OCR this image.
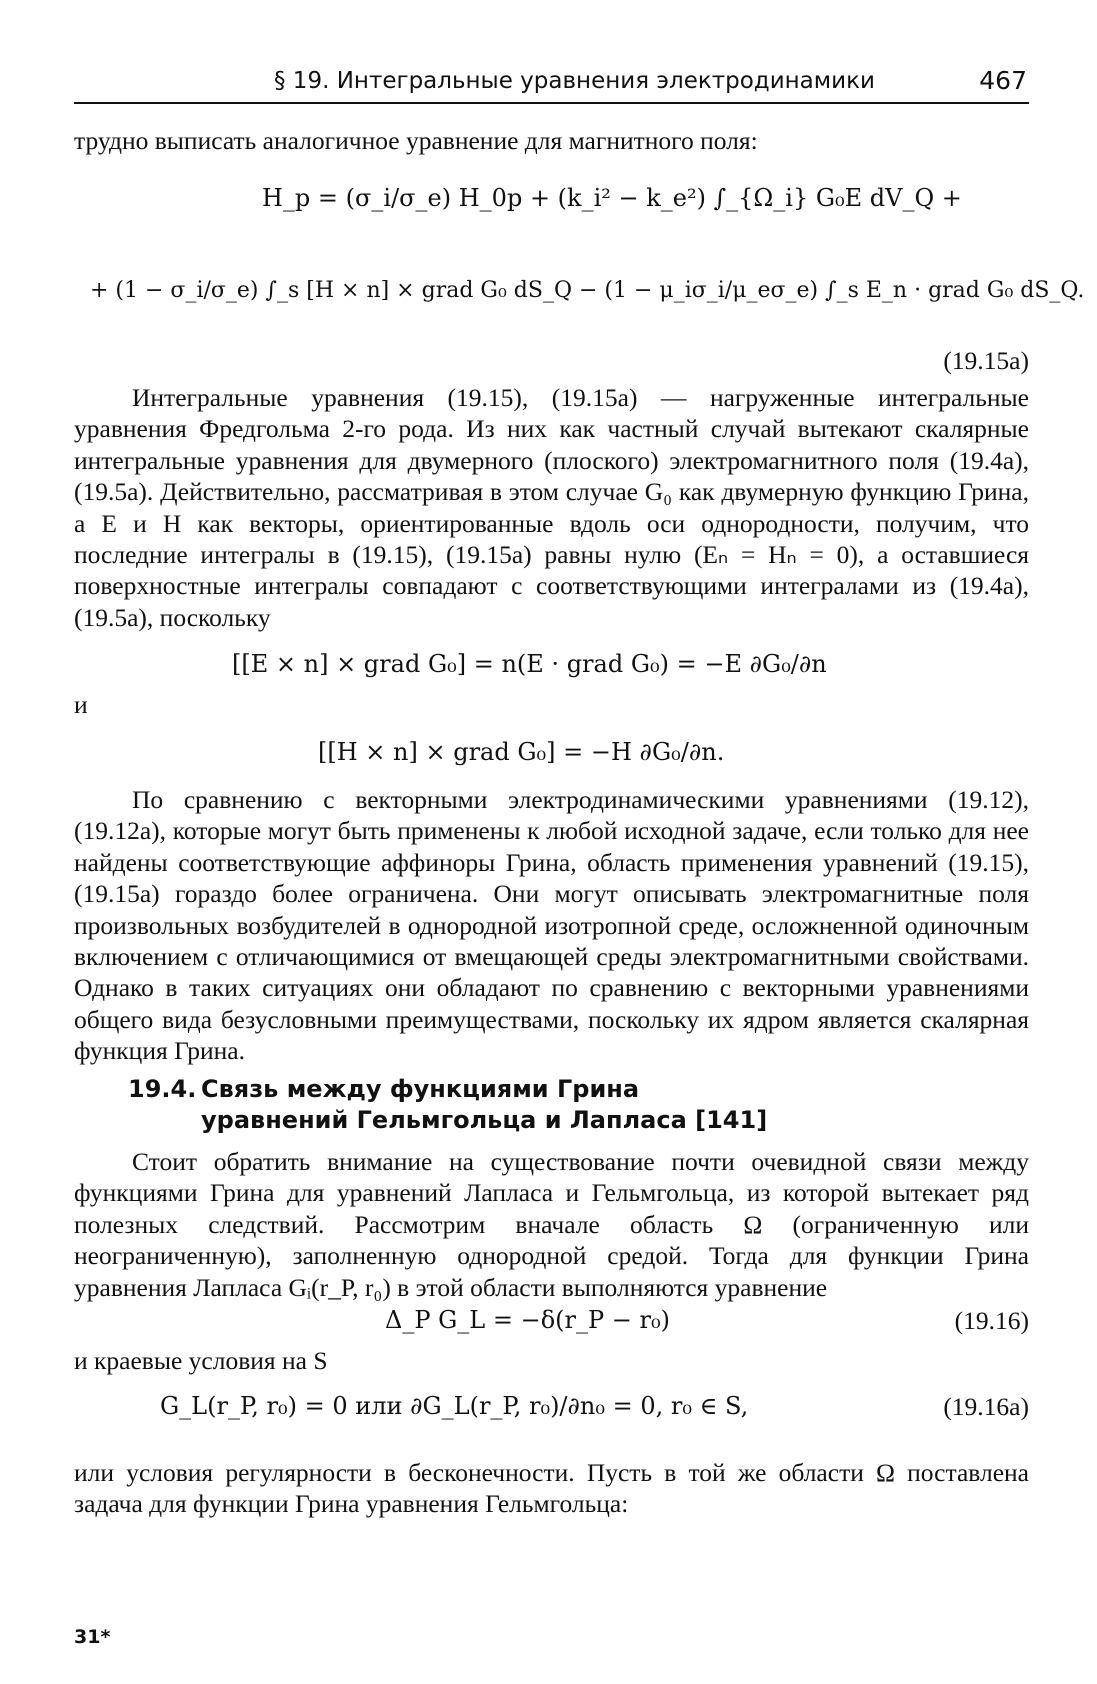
§ 19. Интегральные уравнения электродинамики	467
трудно выписать аналогичное уравнение для магнитного поля:
H_p = (σ_i/σ_e) H_0p + (k_i² − k_e²) ∫_{Ω_i} G₀E dV_Q +
+ (1 − σ_i/σ_e) ∫_s [H × n] × grad G₀ dS_Q − (1 − μ_iσ_i/μ_eσ_e) ∫_s E_n · grad G₀ dS_Q.
(19.15а)
Интегральные уравнения (19.15), (19.15а) — нагруженные интегральные уравнения Фредгольма 2-го рода. Из них как частный случай вытекают скалярные интегральные уравнения для двумерного (плоского) электромагнитного поля (19.4а), (19.5а). Действительно, рассматривая в этом случае G₀ как двумерную функцию Грина, а E и H как векторы, ориентированные вдоль оси однородности, получим, что последние интегралы в (19.15), (19.15а) равны нулю (Eₙ = Hₙ = 0), а оставшиеся поверхностные интегралы совпадают с соответствующими интегралами из (19.4а), (19.5а), поскольку
[[E × n] × grad G₀] = n(E · grad G₀) = −E ∂G₀/∂n
и
[[H × n] × grad G₀] = −H ∂G₀/∂n.
По сравнению с векторными электродинамическими уравнениями (19.12), (19.12а), которые могут быть применены к любой исходной задаче, если только для нее найдены соответствующие аффиноры Грина, область применения уравнений (19.15), (19.15а) гораздо более ограничена. Они могут описывать электромагнитные поля произвольных возбудителей в однородной изотропной среде, осложненной одиночным включением с отличающимися от вмещающей среды электромагнитными свойствами. Однако в таких ситуациях они обладают по сравнению с векторными уравнениями общего вида безусловными преимуществами, поскольку их ядром является скалярная функция Грина.
19.4. Связь между функциями Грина
уравнений Гельмгольца и Лапласа [141]
Стоит обратить внимание на существование почти очевидной связи между функциями Грина для уравнений Лапласа и Гельмгольца, из которой вытекает ряд полезных следствий. Рассмотрим вначале область Ω (ограниченную или неограниченную), заполненную однородной средой. Тогда для функции Грина уравнения Лапласа Gᵢ(r_P, r₀) в этой области выполняются уравнение
Δ_P G_L = −δ(r_P − r₀)	(19.16)
и краевые условия на S
G_L(r_P, r₀) = 0 или ∂G_L(r_P, r₀)/∂n₀ = 0, r₀ ∈ S,	(19.16а)
или условия регулярности в бесконечности. Пусть в той же области Ω поставлена задача для функции Грина уравнения Гельмгольца:
31*
